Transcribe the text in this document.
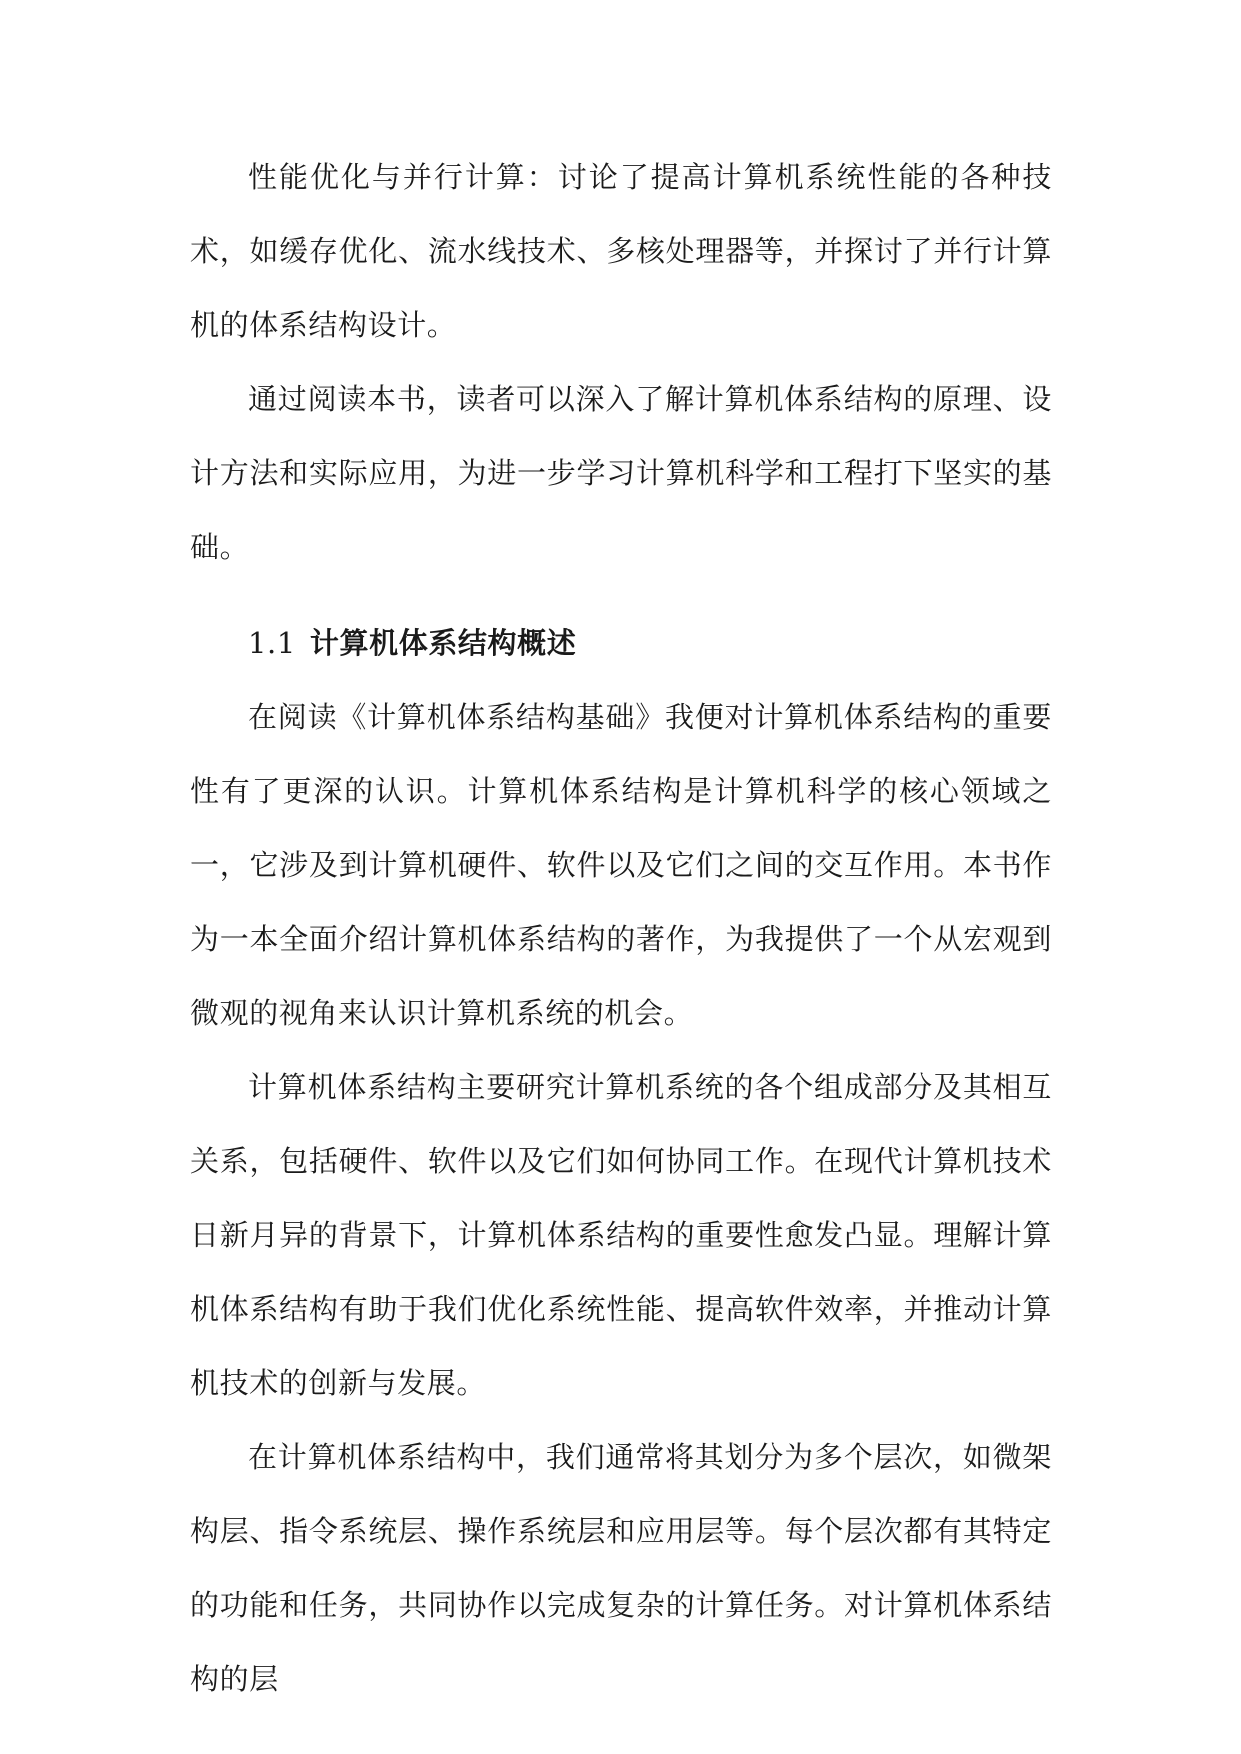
性能优化与并行计算：讨论了提高计算机系统性能的各种技术，如缓存优化、流水线技术、多核处理器等，并探讨了并行计算机的体系结构设计。

通过阅读本书，读者可以深入了解计算机体系结构的原理、设计方法和实际应用，为进一步学习计算机科学和工程打下坚实的基础。

1.1 计算机体系结构概述

在阅读《计算机体系结构基础》我便对计算机体系结构的重要性有了更深的认识。计算机体系结构是计算机科学的核心领域之一，它涉及到计算机硬件、软件以及它们之间的交互作用。本书作为一本全面介绍计算机体系结构的著作，为我提供了一个从宏观到微观的视角来认识计算机系统的机会。

计算机体系结构主要研究计算机系统的各个组成部分及其相互关系，包括硬件、软件以及它们如何协同工作。在现代计算机技术日新月异的背景下，计算机体系结构的重要性愈发凸显。理解计算机体系结构有助于我们优化系统性能、提高软件效率，并推动计算机技术的创新与发展。

在计算机体系结构中，我们通常将其划分为多个层次，如微架构层、指令系统层、操作系统层和应用层等。每个层次都有其特定的功能和任务，共同协作以完成复杂的计算任务。对计算机体系结构的层
